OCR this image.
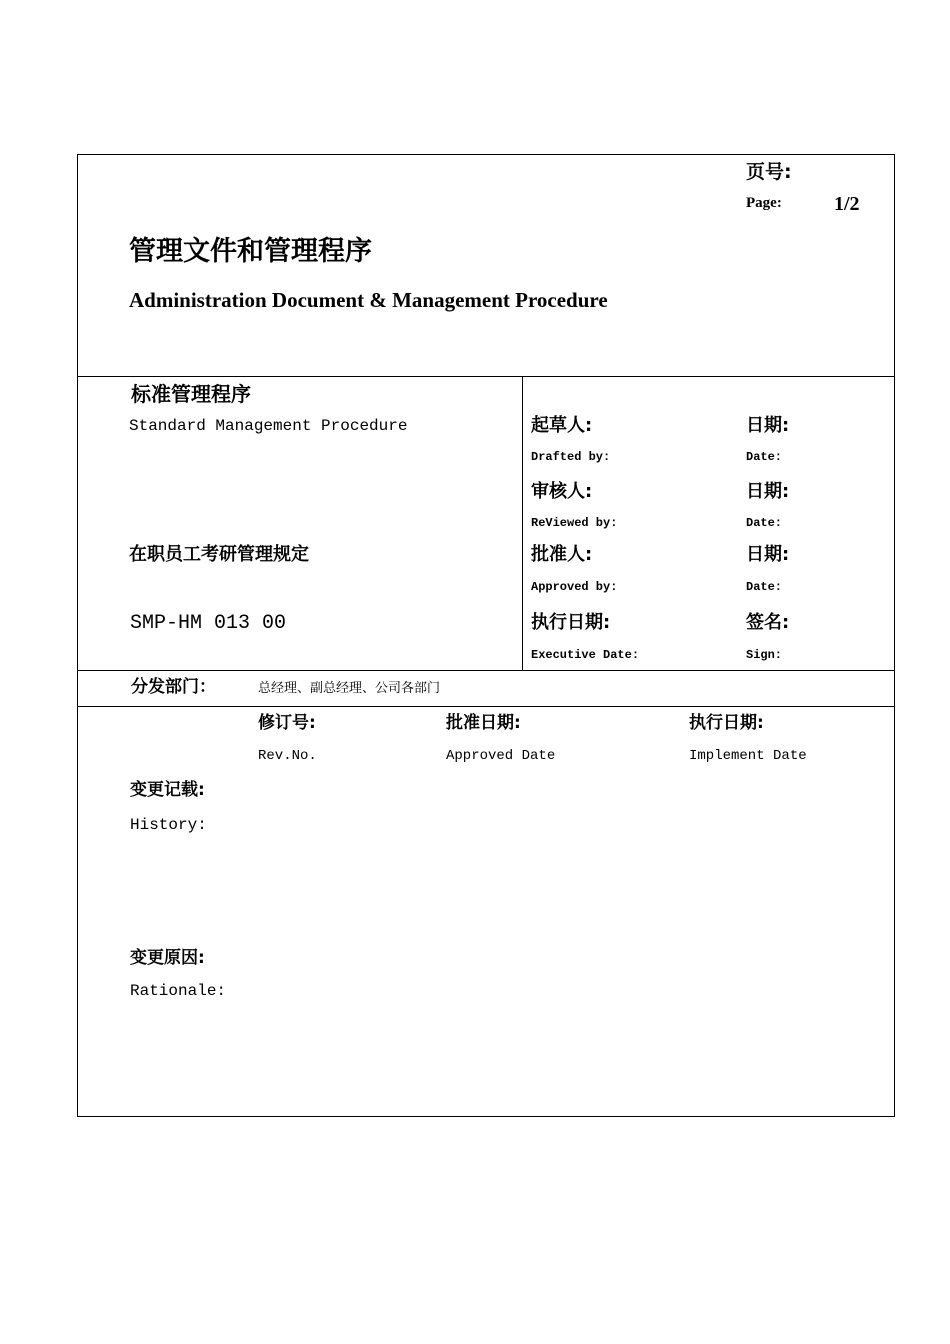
页号:
Page:	1/2
管理文件和管理程序
Administration Document & Management Procedure
标准管理程序
Standard Management Procedure
在职员工考研管理规定
SMP-HM 013 00
起草人:
Drafted by:
日期:
Date:
审核人:
ReViewed by:
日期:
Date:
批准人:
Approved by:
日期:
Date:
执行日期:
Executive Date:
签名:
Sign:
分发部门：	总经理、副总经理、公司各部门
修订号:
Rev.No.
批准日期:
Approved Date
执行日期:
Implement Date
变更记载:
History:
变更原因:
Rationale:
